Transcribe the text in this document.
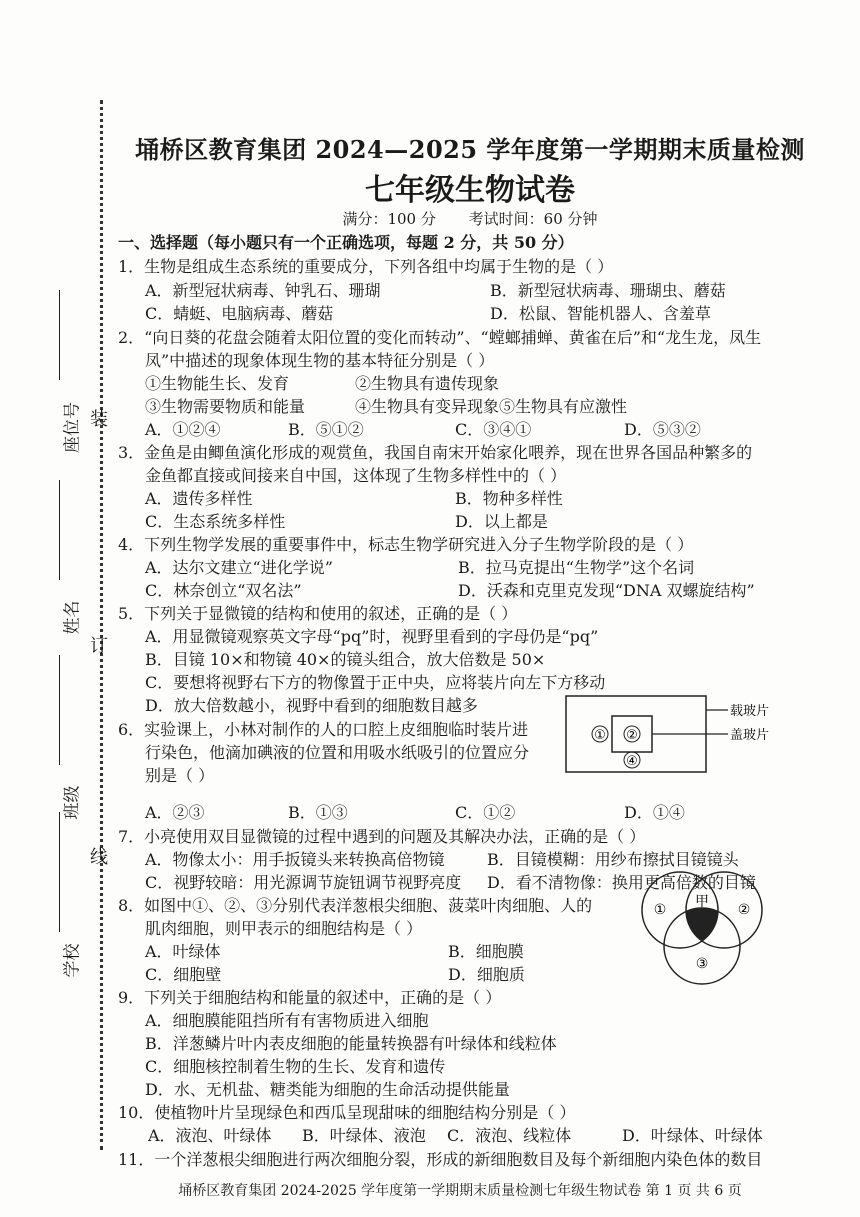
装
订
线
座位号
姓名
班级
学校
埇桥区教育集团 2024—2025 学年度第一学期期末质量检测
七年级生物试卷
满分：100 分 考试时间：60 分钟
一、选择题（每小题只有一个正确选项，每题 2 分，共 50 分）
1．生物是组成生态系统的重要成分，下列各组中均属于生物的是（ ）
A．新型冠状病毒、钟乳石、珊瑚	B．新型冠状病毒、珊瑚虫、蘑菇
C．蜻蜓、电脑病毒、蘑菇	D．松鼠、智能机器人、含羞草
2．“向日葵的花盘会随着太阳位置的变化而转动”、“螳螂捕蝉、黄雀在后”和“龙生龙，凤生
凤”中描述的现象体现生物的基本特征分别是（ ）
①生物能生长、发育	②生物具有遗传现象
③生物需要物质和能量	④生物具有变异现象⑤生物具有应激性
A．①②④	B．⑤①②	C．③④①	D．⑤③②
3．金鱼是由鲫鱼演化形成的观赏鱼，我国自南宋开始家化喂养，现在世界各国品种繁多的
金鱼都直接或间接来自中国，这体现了生物多样性中的（ ）
A．遗传多样性	B．物种多样性
C．生态系统多样性	D．以上都是
4．下列生物学发展的重要事件中，标志生物学研究进入分子生物学阶段的是（ ）
A．达尔文建立“进化学说”	B．拉马克提出“生物学”这个名词
C．林奈创立“双名法”	D．沃森和克里克发现“DNA 双螺旋结构”
5．下列关于显微镜的结构和使用的叙述，正确的是（ ）
A．用显微镜观察英文字母“pq”时，视野里看到的字母仍是“pq”
B．目镜 10×和物镜 40×的镜头组合，放大倍数是 50×
C．要想将视野右下方的物像置于正中央，应将装片向左下方移动
D．放大倍数越小，视野中看到的细胞数目越多
6．实验课上，小林对制作的人的口腔上皮细胞临时装片进
行染色，他滴加碘液的位置和用吸水纸吸引的位置应分
别是（ ）
A．②③	B．①③	C．①②	D．①④
① ②
④
载玻片
盖玻片
7．小亮使用双目显微镜的过程中遇到的问题及其解决办法，正确的是（ ）
A．物像太小：用手扳镜头来转换高倍物镜	B．目镜模糊：用纱布擦拭目镜镜头
C．视野较暗：用光源调节旋钮调节视野亮度 D．看不清物像：换用更高倍数的目镜
8．如图中①、②、③分别代表洋葱根尖细胞、菠菜叶肉细胞、人的
肌肉细胞，则甲表示的细胞结构是（ ）
A．叶绿体	B．细胞膜
C．细胞壁	D．细胞质
①	②
③
甲
9．下列关于细胞结构和能量的叙述中，正确的是（ ）
A．细胞膜能阻挡所有有害物质进入细胞
B．洋葱鳞片叶内表皮细胞的能量转换器有叶绿体和线粒体
C．细胞核控制着生物的生长、发育和遗传
D．水、无机盐、糖类能为细胞的生命活动提供能量
10．使植物叶片呈现绿色和西瓜呈现甜味的细胞结构分别是（ ）
A．液泡、叶绿体 B．叶绿体、液泡 C．液泡、线粒体	D．叶绿体、叶绿体
11．一个洋葱根尖细胞进行两次细胞分裂，形成的新细胞数目及每个新细胞内染色体的数目
埇桥区教育集团 2024-2025 学年度第一学期期末质量检测七年级生物试卷 第 1 页 共 6 页
